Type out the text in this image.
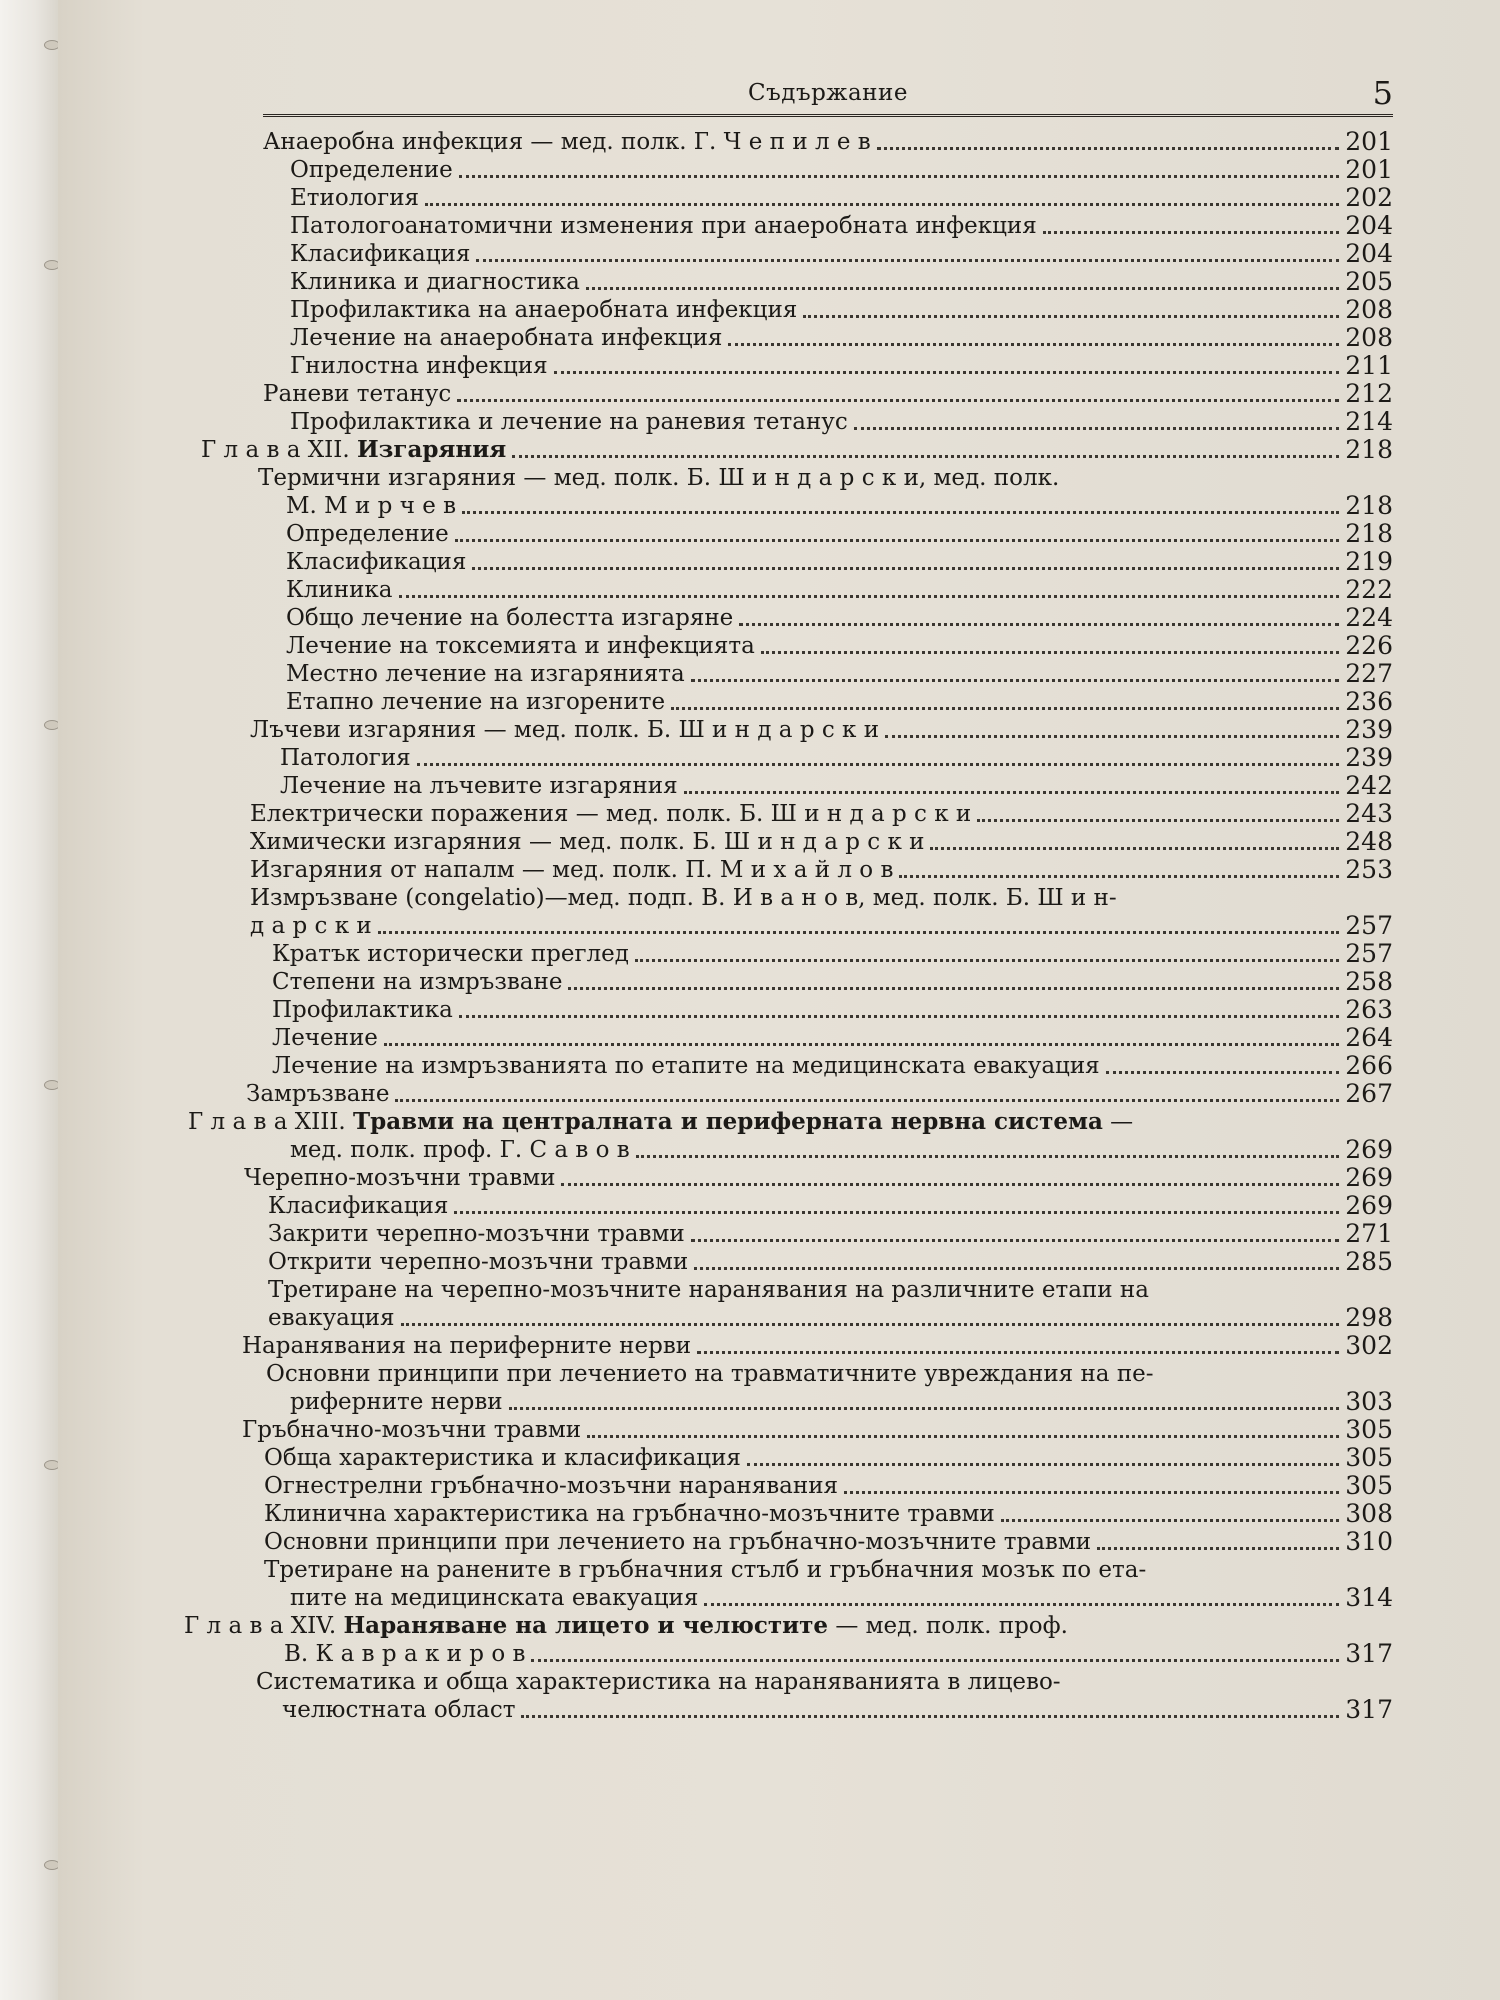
Съдържание	5
Анаеробна инфекция — мед. полк. Г. Ч е п и л е в	201
Определение	201
Етиология	202
Патологоанатомични изменения при анаеробната инфекция	204
Класификация	204
Клиника и диагностика	205
Профилактика на анаеробната инфекция	208
Лечение на анаеробната инфекция	208
Гнилостна инфекция	211
Раневи тетанус	212
Профилактика и лечение на раневия тетанус	214
Г л а в а XII. Изгаряния	218
Термични изгаряния — мед. полк. Б. Ш и н д а р с к и, мед. полк.
М. М и р ч е в	218
Определение	218
Класификация	219
Клиника	222
Общо лечение на болестта изгаряне	224
Лечение на токсемията и инфекцията	226
Местно лечение на изгарянията	227
Етапно лечение на изгорените	236
Лъчеви изгаряния — мед. полк. Б. Ш и н д а р с к и	239
Патология	239
Лечение на лъчевите изгаряния	242
Електрически поражения — мед. полк. Б. Ш и н д а р с к и	243
Химически изгаряния — мед. полк. Б. Ш и н д а р с к и	248
Изгаряния от напалм — мед. полк. П. М и х а й л о в	253
Измръзване (congelatio)—мед. подп. В. И в а н о в, мед. полк. Б. Ш и н-
д а р с к и	257
Кратък исторически преглед	257
Степени на измръзване	258
Профилактика	263
Лечение	264
Лечение на измръзванията по етапите на медицинската евакуация	266
Замръзване	267
Г л а в а XIII. Травми на централната и периферната нервна система —
мед. полк. проф. Г. С а в о в	269
Черепно-мозъчни травми	269
Класификация	269
Закрити черепно-мозъчни травми	271
Открити черепно-мозъчни травми	285
Третиране на черепно-мозъчните наранявания на различните етапи на
евакуация	298
Наранявания на периферните нерви	302
Основни принципи при лечението на травматичните увреждания на пе-
риферните нерви	303
Гръбначно-мозъчни травми	305
Обща характеристика и класификация	305
Огнестрелни гръбначно-мозъчни наранявания	305
Клинична характеристика на гръбначно-мозъчните травми	308
Основни принципи при лечението на гръбначно-мозъчните травми	310
Третиране на ранените в гръбначния стълб и гръбначния мозък по ета-
пите на медицинската евакуация	314
Г л а в а XIV. Нараняване на лицето и челюстите — мед. полк. проф.
В. К а в р а к и р о в	317
Систематика и обща характеристика на нараняванията в лицево-
челюстната област	317
